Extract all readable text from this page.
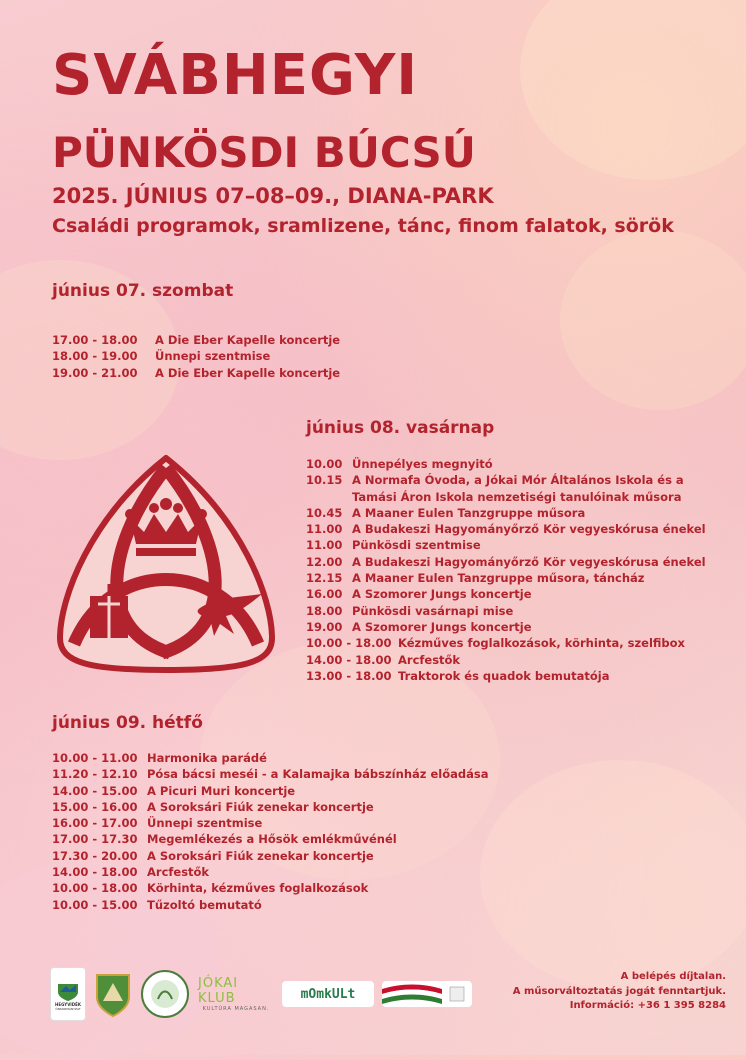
SVÁBHEGYI
PÜNKÖSDI BÚCSÚ
2025. JÚNIUS 07–08–09., DIANA-PARK
Családi programok, sramlizene, tánc, finom falatok, sörök
június 07. szombat
17.00 - 18.00 A Die Eber Kapelle koncertje
18.00 - 19.00 Ünnepi szentmise
19.00 - 21.00 A Die Eber Kapelle koncertje
június 08. vasárnap
10.00 Ünnepélyes megnyitó
10.15 A Normafa Óvoda, a Jókai Mór Általános Iskola és a
Tamási Áron Iskola nemzetiségi tanulóinak műsora
10.45 A Maaner Eulen Tanzgruppe műsora
11.00 A Budakeszi Hagyományőrző Kör vegyeskórusa énekel
11.00 Pünkösdi szentmise
12.00 A Budakeszi Hagyományőrző Kör vegyeskórusa énekel
12.15 A Maaner Eulen Tanzgruppe műsora, táncház
16.00 A Szomorer Jungs koncertje
18.00 Pünkösdi vasárnapi mise
19.00 A Szomorer Jungs koncertje
10.00 - 18.00 Kézműves foglalkozások, körhinta, szelfibox
14.00 - 18.00 Arcfestők
13.00 - 18.00 Traktorok és quadok bemutatója
június 09. hétfő
10.00 - 11.00 Harmonika parádé
11.20 - 12.10 Pósa bácsi meséi - a Kalamajka bábszínház előadása
14.00 - 15.00 A Picuri Muri koncertje
15.00 - 16.00 A Soroksári Fiúk zenekar koncertje
16.00 - 17.00 Ünnepi szentmise
17.00 - 17.30 Megemlékezés a Hősök emlékművénél
17.30 - 20.00 A Soroksári Fiúk zenekar koncertje
14.00 - 18.00 Arcfestők
10.00 - 18.00 Körhinta, kézműves foglalkozások
10.00 - 15.00 Tűzoltó bemutató
HEGYVIDÉK
ÖNKORMÁNYZAT
JÓKAI KLUB
KULTÚRA MAGASAN.
mOmkULt
A belépés díjtalan.
A műsorváltoztatás jogát fenntartjuk.
Információ: +36 1 395 8284
